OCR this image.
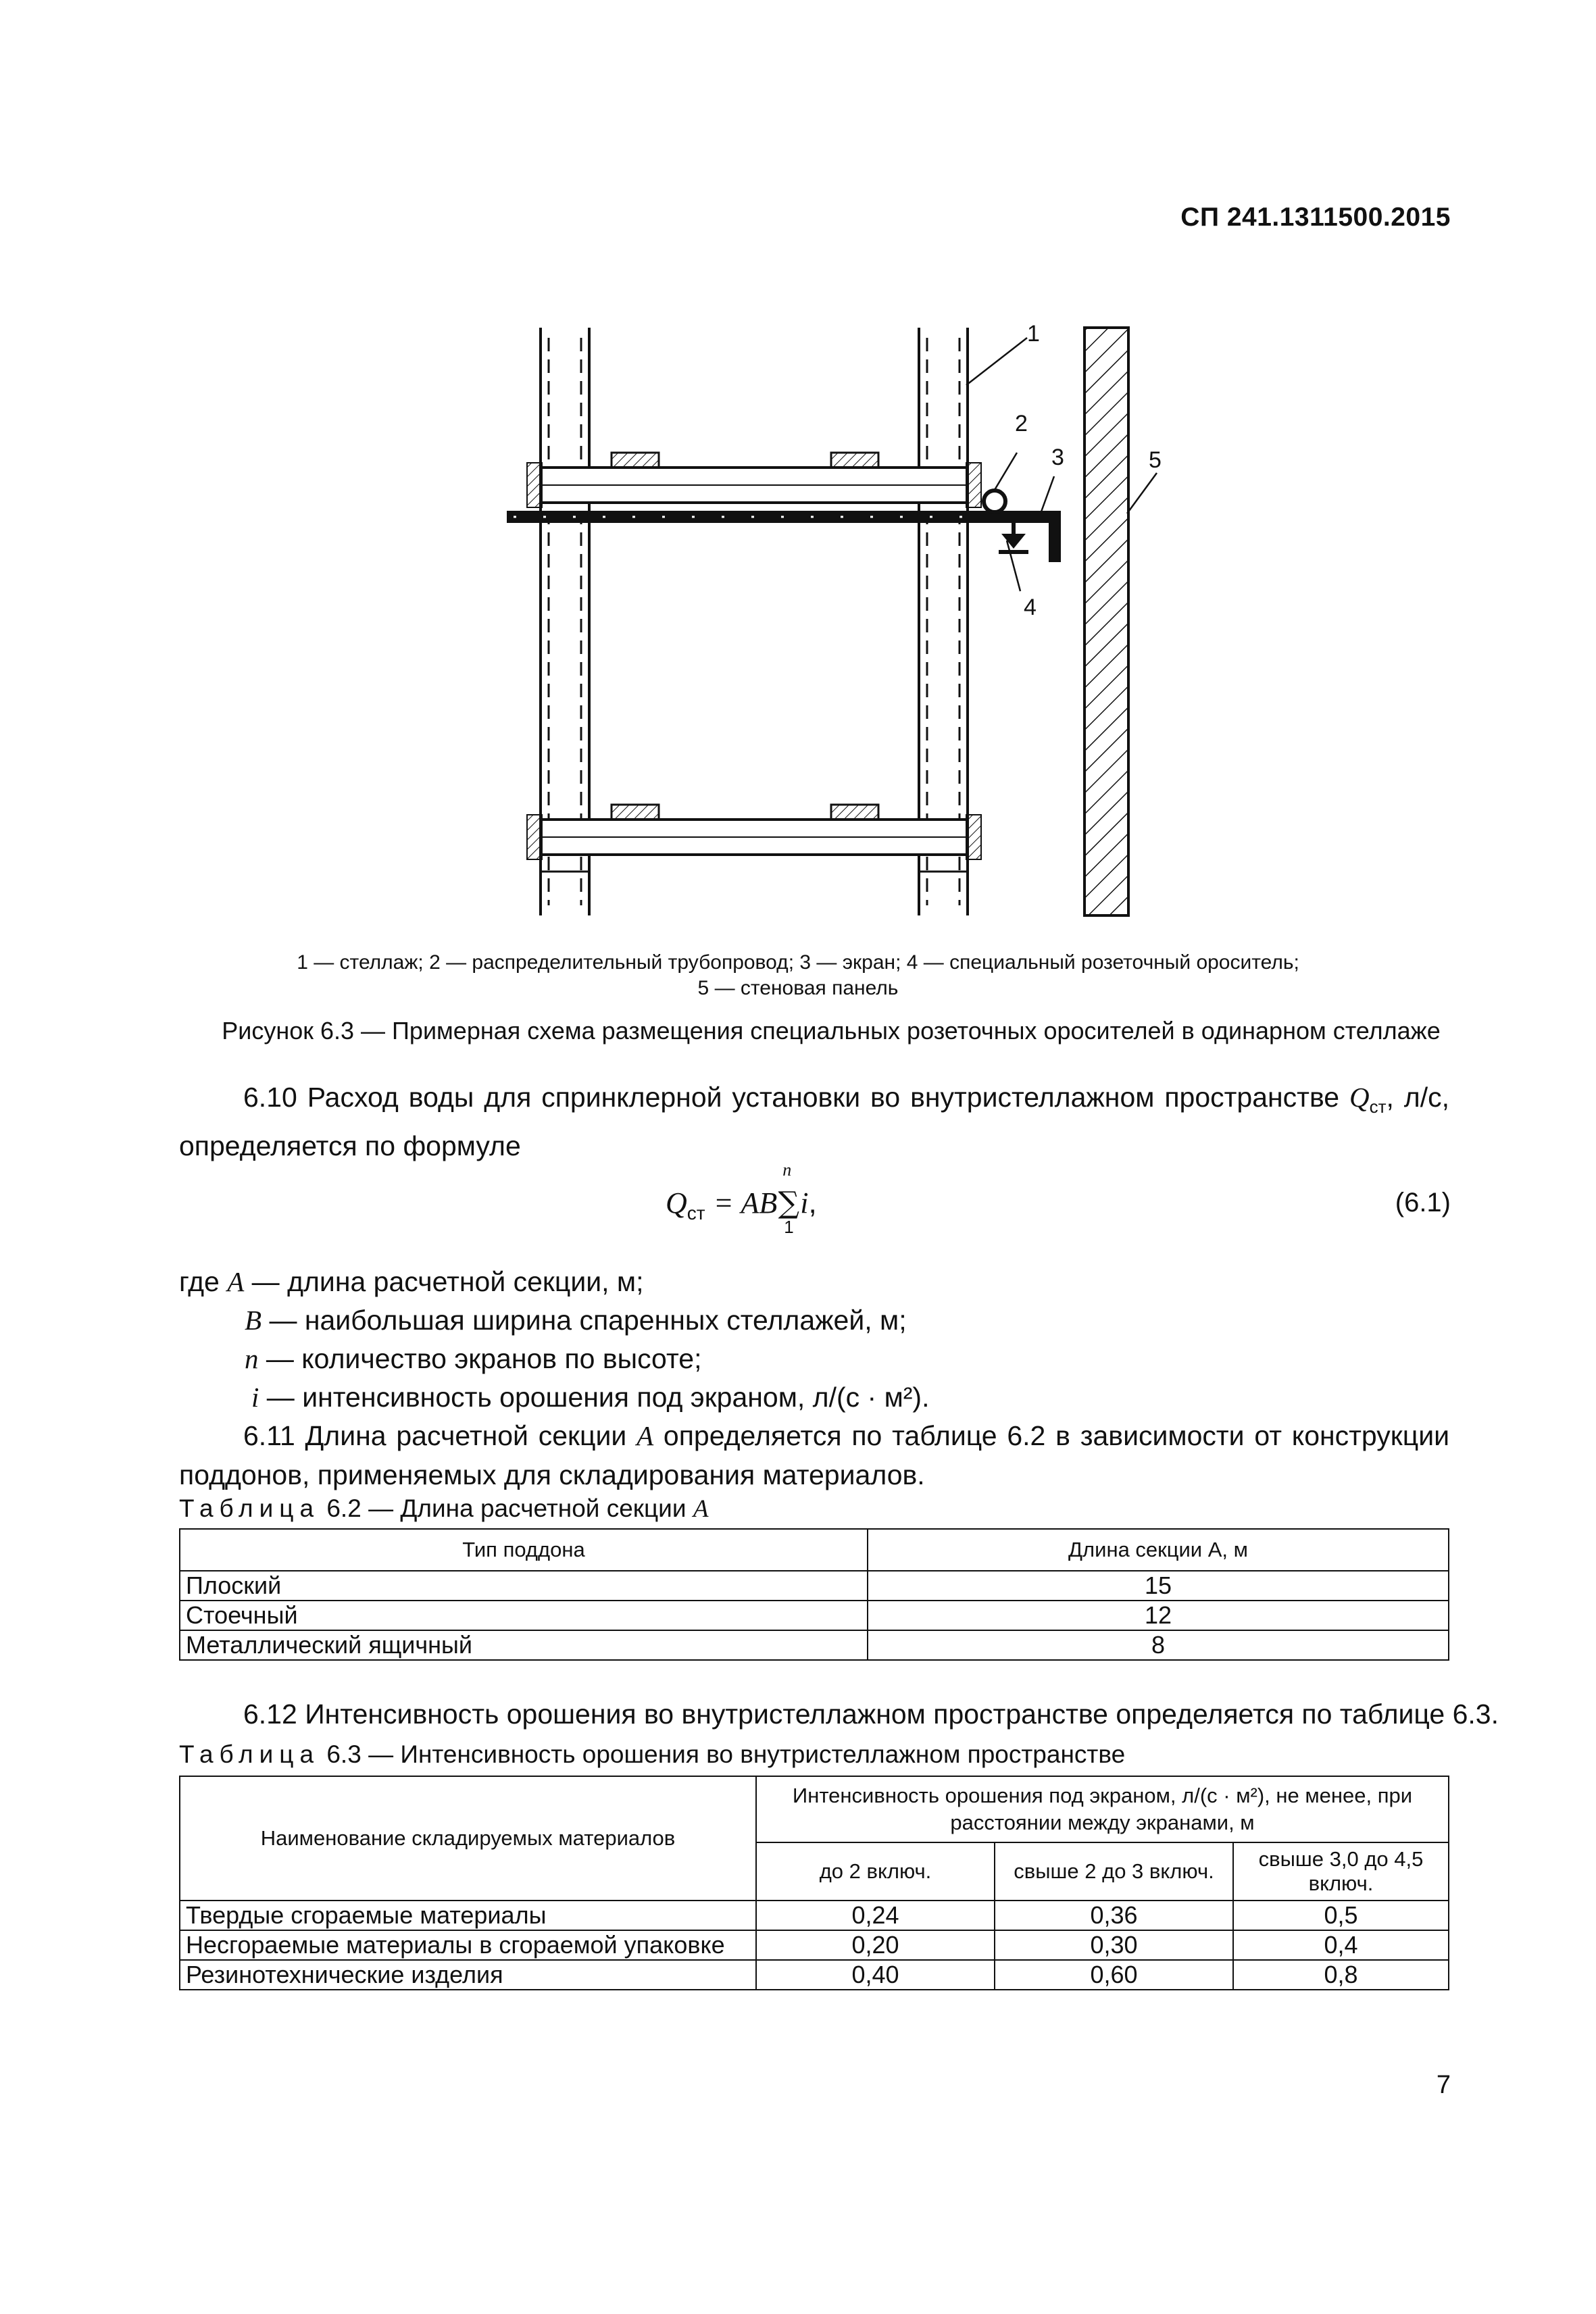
СП 241.1311500.2015
1
2
3
4
5
1 — стеллаж; 2 — распределительный трубопровод; 3 — экран; 4 — специальный розеточный ороситель;
5 — стеновая панель
Рисунок 6.3 — Примерная схема размещения специальных розеточных оросителей в одинарном стеллаже
6.10 Расход воды для спринклерной установки во внутристеллажном пространстве $Q_{ст}$, л/с, определяется по формуле
$Q_{ст}$ = AB
n
∑
1
i,	(6.1)
где A — длина расчетной секции, м;
B — наибольшая ширина спаренных стеллажей, м;
n — количество экранов по высоте;
i — интенсивность орошения под экраном, л/(с · м²).
6.11 Длина расчетной секции A определяется по таблице 6.2 в зависимости от конструкции поддонов, применяемых для складирования материалов.
Таблица 6.2 — Длина расчетной секции A
Тип поддона	Длина секции A, м
Плоский	15
Стоечный	12
Металлический ящичный	8
6.12 Интенсивность орошения во внутристеллажном пространстве определяется по таблице 6.3.
Таблица 6.3 — Интенсивность орошения во внутристеллажном пространстве
Наименование складируемых материалов	Интенсивность орошения под экраном, л/(с · м²), не менее, при расстоянии между экранами, м		
	до 2 включ.	свыше 2 до 3 включ.	свыше 3,0 до 4,5 включ.
Твердые сгораемые материалы	0,24	0,36	0,5
Несгораемые материалы в сгораемой упаковке	0,20	0,30	0,4
Резинотехнические изделия	0,40	0,60	0,8
7
